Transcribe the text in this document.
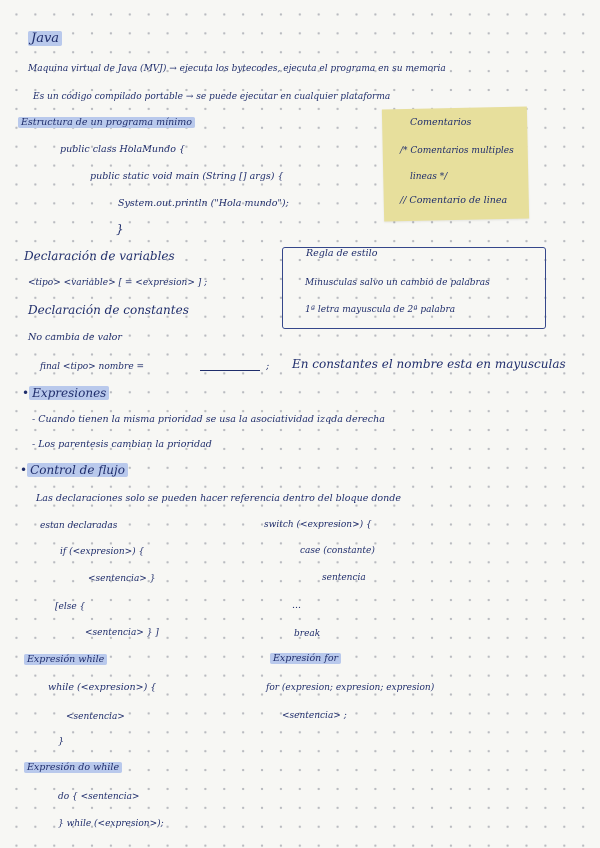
Java
Maquina virtual de Java (MVJ) → ejecuta los bytecodes, ejecuta el programa en su memoria
Es un código compilado portable → se puede ejecutar en cualquier plataforma
Estructura de un programa mínimo
public class HolaMundo {
public static void main (String [] args) {
System.out.println ("Hola mundo");
}
Comentarios
/* Comentarios multiples
lineas */
// Comentario de linea
Declaración de variables
<tipo> <variable> [ = <expresion> ] ;
Regla de estilo
Minusculas salvo un cambio de palabras
1ª letra mayuscula de 2ª palabra
Declaración de constantes
No cambia de valor
final <tipo> nombre =	; En constantes el nombre esta en mayusculas
• Expresiones
- Cuando tienen la misma prioridad se usa la asociatividad izqda derecha
- Los parentesis cambian la prioridad
• Control de flujo
Las declaraciones solo se pueden hacer referencia dentro del bloque donde
estan declaradas
if (<expresion>) {
<sentencia> }
[else {
<sentencia> } ]
switch (<expresion>) {
case (constante)
sentencia
...
break
Expresión while
while (<expresion>) {
<sentencia>
}
Expresión for
for (expresion; expresion; expresion)
<sentencia> ;
Expresión do while
do { <sentencia>
} while (<expresion>);
